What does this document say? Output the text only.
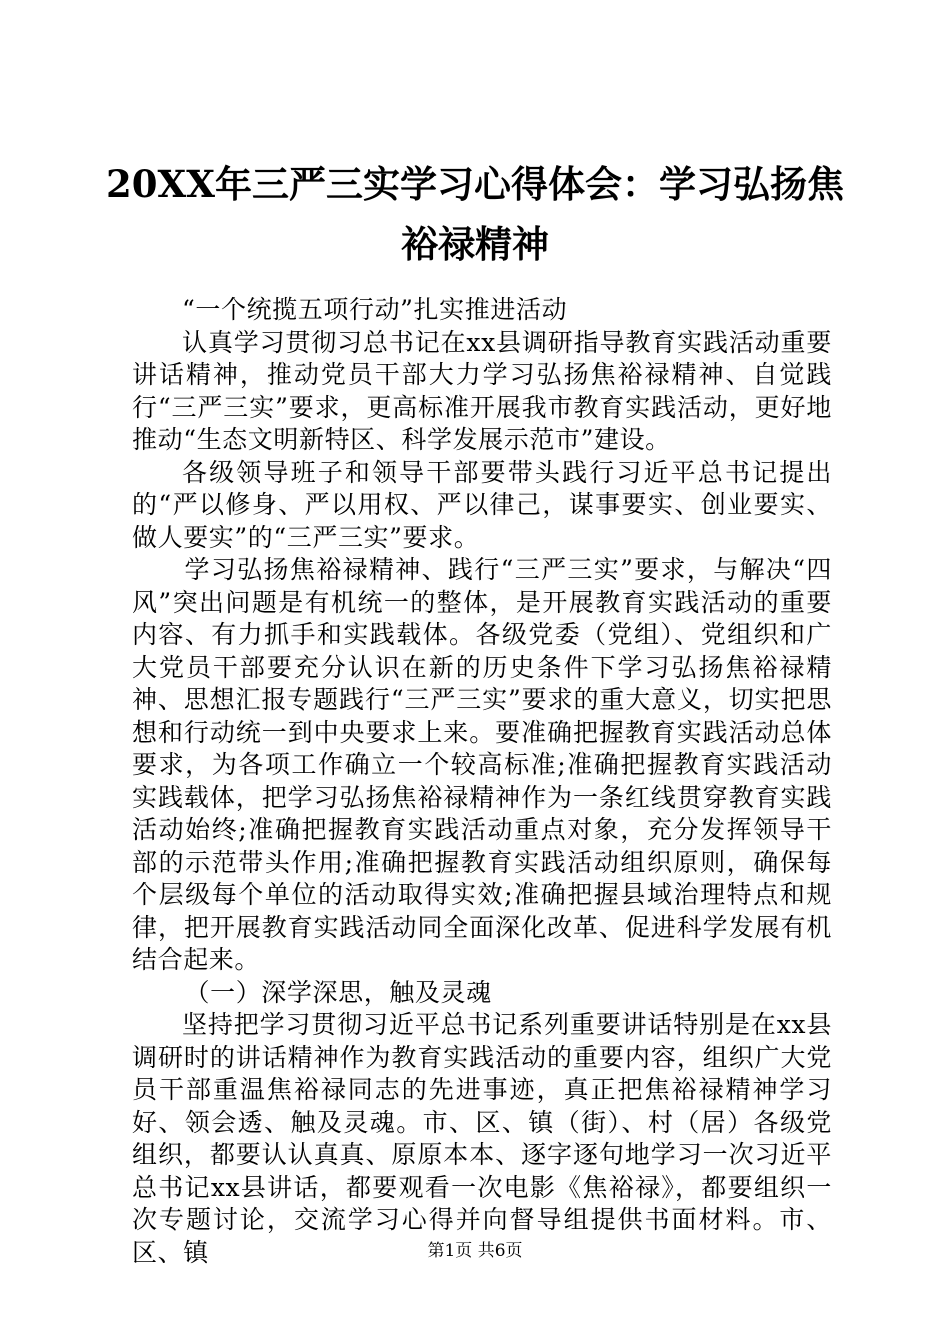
20XX年三严三实学习心得体会：学习弘扬焦
裕禄精神

“一个统揽五项行动”扎实推进活动

认真学习贯彻习总书记在xx县调研指导教育实践活动重要讲话精神，推动党员干部大力学习弘扬焦裕禄精神、自觉践行“三严三实”要求，更高标准开展我市教育实践活动，更好地推动“生态文明新特区、科学发展示范市”建设。

各级领导班子和领导干部要带头践行习近平总书记提出的“严以修身、严以用权、严以律己，谋事要实、创业要实、做人要实”的“三严三实”要求。

学习弘扬焦裕禄精神、践行“三严三实”要求，与解决“四风”突出问题是有机统一的整体，是开展教育实践活动的重要内容、有力抓手和实践载体。各级党委（党组）、党组织和广大党员干部要充分认识在新的历史条件下学习弘扬焦裕禄精神、思想汇报专题践行“三严三实”要求的重大意义，切实把思想和行动统一到中央要求上来。要准确把握教育实践活动总体要求，为各项工作确立一个较高标准;准确把握教育实践活动实践载体，把学习弘扬焦裕禄精神作为一条红线贯穿教育实践活动始终;准确把握教育实践活动重点对象，充分发挥领导干部的示范带头作用;准确把握教育实践活动组织原则，确保每个层级每个单位的活动取得实效;准确把握县域治理特点和规律，把开展教育实践活动同全面深化改革、促进科学发展有机结合起来。

（一）深学深思，触及灵魂

坚持把学习贯彻习近平总书记系列重要讲话特别是在xx县调研时的讲话精神作为教育实践活动的重要内容，组织广大党员干部重温焦裕禄同志的先进事迹，真正把焦裕禄精神学习好、领会透、触及灵魂。市、区、镇（街）、村（居）各级党组织，都要认认真真、原原本本、逐字逐句地学习一次习近平总书记xx县讲话，都要观看一次电影《焦裕禄》，都要组织一次专题讨论，交流学习心得并向督导组提供书面材料。市、区、镇	第1页 共6页
